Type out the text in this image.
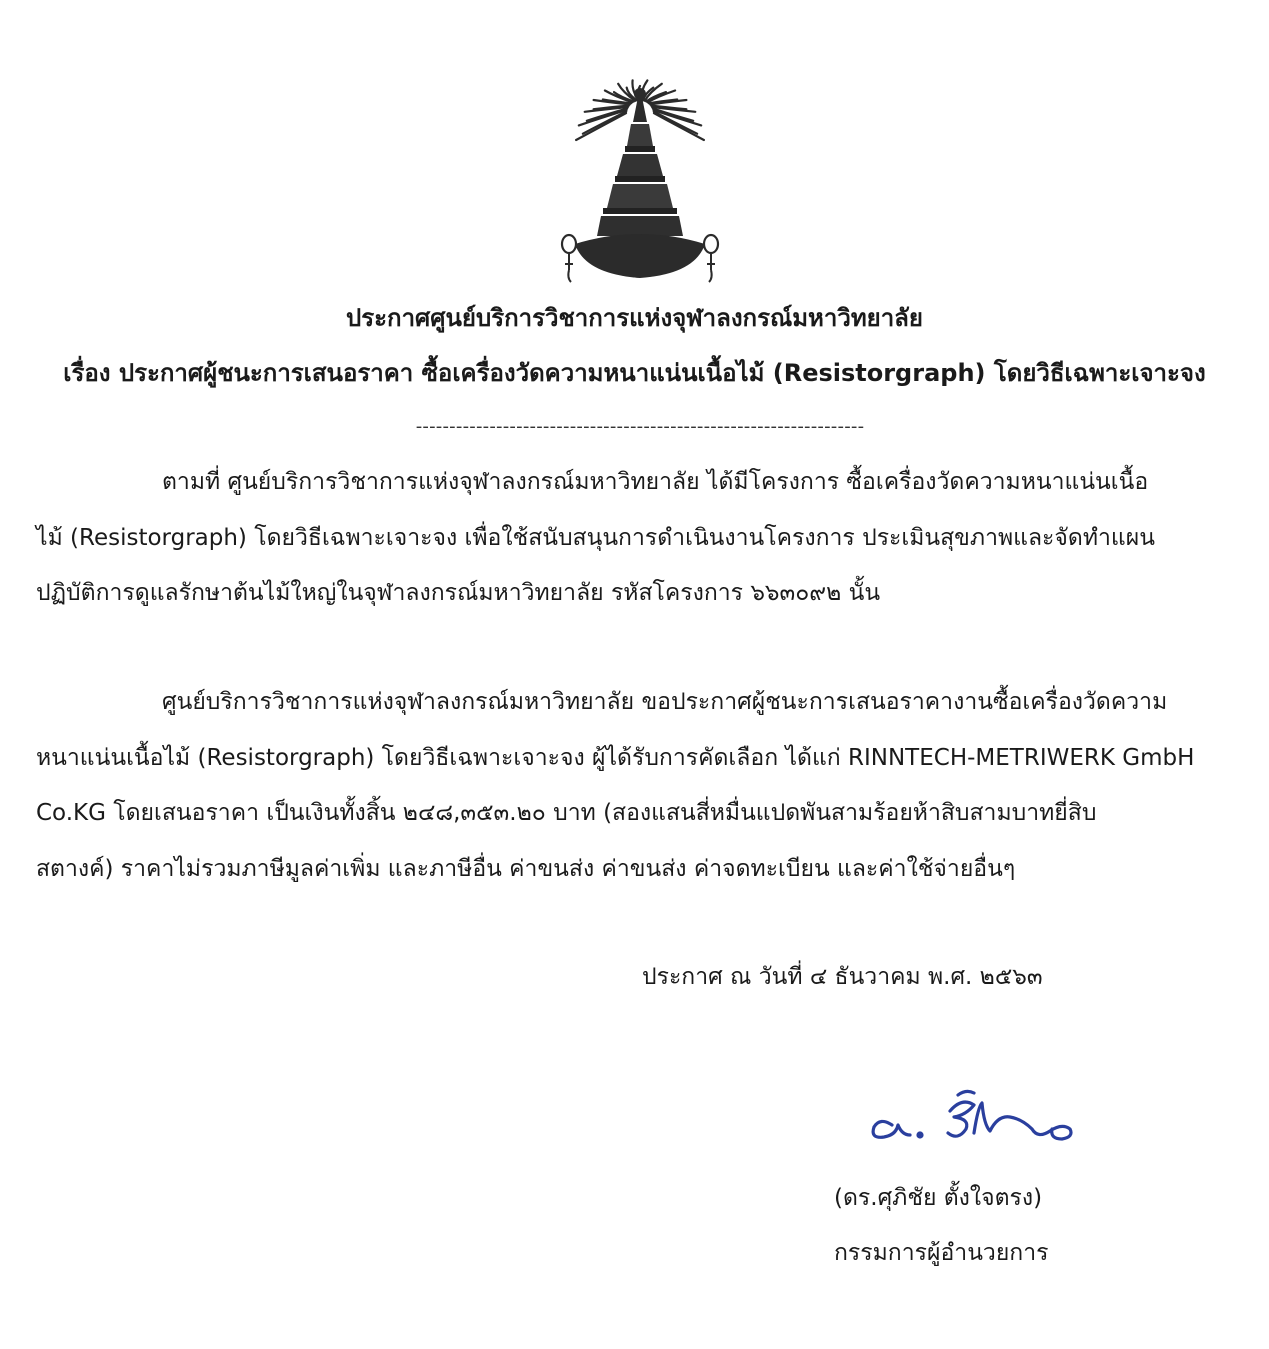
ประกาศศูนย์บริการวิชาการแห่งจุฬาลงกรณ์มหาวิทยาลัย
เรื่อง ประกาศผู้ชนะการเสนอราคา ซื้อเครื่องวัดความหนาแน่นเนื้อไม้ (Resistorgraph) โดยวิธีเฉพาะเจาะจง
-------------------------------------------------------------------
ตามที่ ศูนย์บริการวิชาการแห่งจุฬาลงกรณ์มหาวิทยาลัย ได้มีโครงการ ซื้อเครื่องวัดความหนาแน่นเนื้อ
ไม้ (Resistorgraph) โดยวิธีเฉพาะเจาะจง เพื่อใช้สนับสนุนการดำเนินงานโครงการ ประเมินสุขภาพและจัดทำแผน
ปฏิบัติการดูแลรักษาต้นไม้ใหญ่ในจุฬาลงกรณ์มหาวิทยาลัย รหัสโครงการ ๖๖๓๐๙๒ นั้น
ศูนย์บริการวิชาการแห่งจุฬาลงกรณ์มหาวิทยาลัย ขอประกาศผู้ชนะการเสนอราคางานซื้อเครื่องวัดความ
หนาแน่นเนื้อไม้ (Resistorgraph) โดยวิธีเฉพาะเจาะจง ผู้ได้รับการคัดเลือก ได้แก่ RINNTECH-METRIWERK GmbH
Co.KG โดยเสนอราคา เป็นเงินทั้งสิ้น ๒๔๘,๓๕๓.๒๐ บาท (สองแสนสี่หมื่นแปดพันสามร้อยห้าสิบสามบาทยี่สิบ
สตางค์) ราคาไม่รวมภาษีมูลค่าเพิ่ม และภาษีอื่น ค่าขนส่ง ค่าขนส่ง ค่าจดทะเบียน และค่าใช้จ่ายอื่นๆ
ประกาศ ณ วันที่ ๔ ธันวาคม พ.ศ. ๒๕๖๓
(ดร.ศุภิชัย ตั้งใจตรง)
กรรมการผู้อำนวยการ
